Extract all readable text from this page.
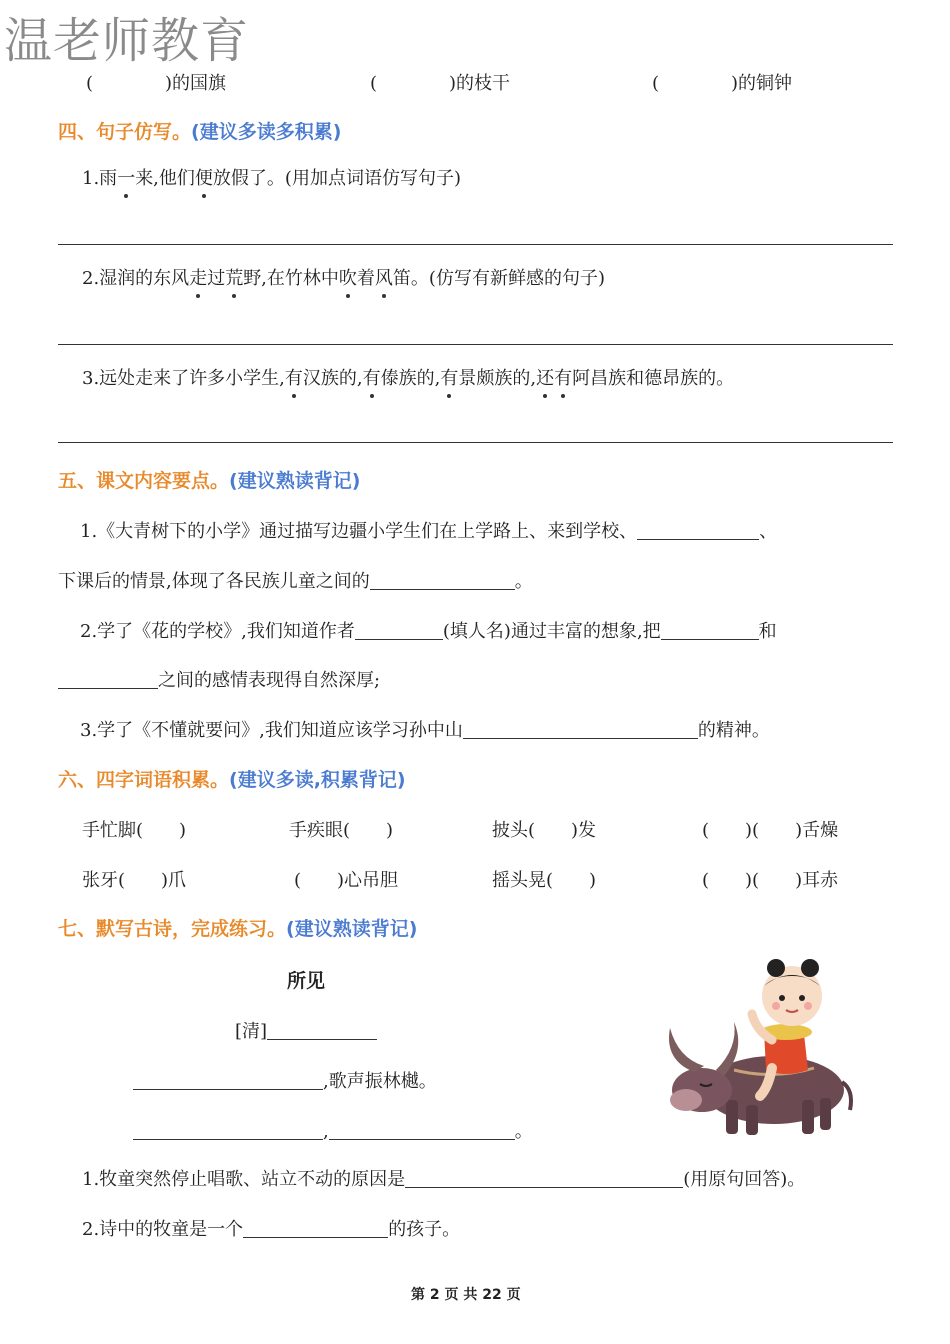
温老师教育
(　　　　)的国旗	(　　　　)的枝干	(　　　　)的铜钟
四、句子仿写。(建议多读多积累)
1.雨一来,他们便放假了。(用加点词语仿写句子)
2.湿润的东风走过荒野,在竹林中吹着风笛。(仿写有新鲜感的句子)
3.远处走来了许多小学生,有汉族的,有傣族的,有景颇族的,还有阿昌族和德昂族的。
五、课文内容要点。(建议熟读背记)
1.《大青树下的小学》通过描写边疆小学生们在上学路上、来到学校、	、
下课后的情景,体现了各民族儿童之间的	。
2.学了《花的学校》,我们知道作者	(填人名)通过丰富的想象,把	和
之间的感情表现得自然深厚;
3.学了《不懂就要问》,我们知道应该学习孙中山	的精神。
六、四字词语积累。(建议多读,积累背记)
手忙脚(　　)	手疾眼(　　)	披头(　　)发	(　　)(　　)舌燥
张牙(　　)爪	(　　)心吊胆	摇头晃(　　)	(　　)(　　)耳赤
七、默写古诗，完成练习。(建议熟读背记)
所见
[清]
,歌声振林樾。
,	。
1.牧童突然停止唱歌、站立不动的原因是	(用原句回答)。
2.诗中的牧童是一个	的孩子。
第 2 页 共 22 页
